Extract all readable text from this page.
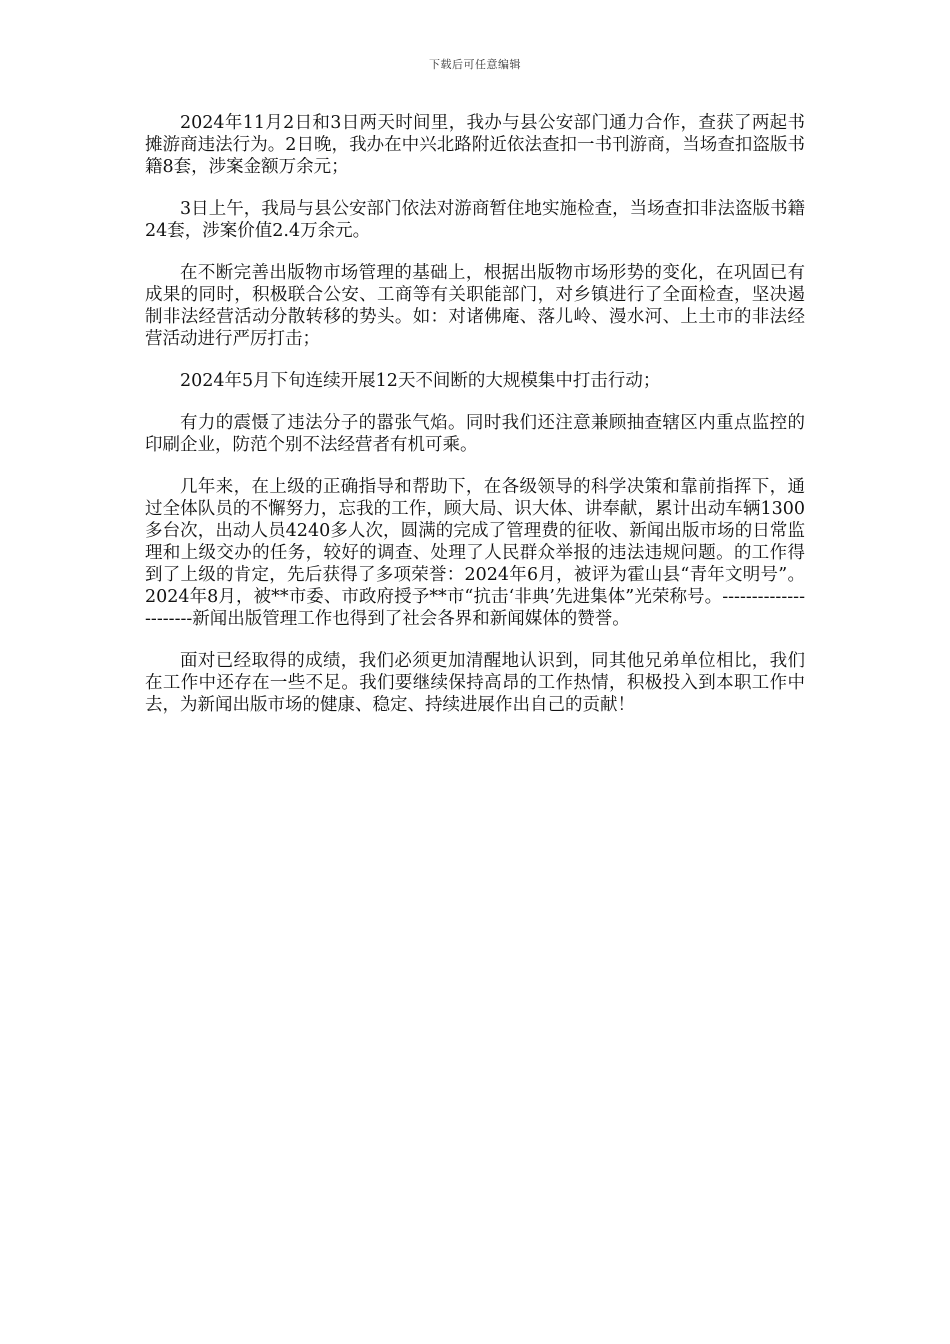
下载后可任意编辑

2024年11月2日和3日两天时间里，我办与县公安部门通力合作，查获了两起书摊游商违法行为。2日晚，我办在中兴北路附近依法查扣一书刊游商，当场查扣盗版书籍8套，涉案金额万余元；

3日上午，我局与县公安部门依法对游商暂住地实施检查，当场查扣非法盗版书籍24套，涉案价值2.4万余元。

在不断完善出版物市场管理的基础上，根据出版物市场形势的变化，在巩固已有成果的同时，积极联合公安、工商等有关职能部门，对乡镇进行了全面检查，坚决遏制非法经营活动分散转移的势头。如：对诸佛庵、落儿岭、漫水河、上土市的非法经营活动进行严厉打击；

2024年5月下旬连续开展12天不间断的大规模集中打击行动；

有力的震慑了违法分子的嚣张气焰。同时我们还注意兼顾抽查辖区内重点监控的印刷企业，防范个别不法经营者有机可乘。

几年来，在上级的正确指导和帮助下，在各级领导的科学决策和靠前指挥下，通过全体队员的不懈努力，忘我的工作，顾大局、识大体、讲奉献，累计出动车辆1300多台次，出动人员4240多人次，圆满的完成了管理费的征收、新闻出版市场的日常监理和上级交办的任务，较好的调查、处理了人民群众举报的违法违规问题。的工作得到了上级的肯定，先后获得了多项荣誉：2024年6月，被评为霍山县“青年文明号”。2024年8月，被**市委、市政府授予**市“抗击‘非典’先进集体”光荣称号。----------------------新闻出版管理工作也得到了社会各界和新闻媒体的赞誉。

面对已经取得的成绩，我们必须更加清醒地认识到，同其他兄弟单位相比，我们在工作中还存在一些不足。我们要继续保持高昂的工作热情，积极投入到本职工作中去，为新闻出版市场的健康、稳定、持续进展作出自己的贡献！
